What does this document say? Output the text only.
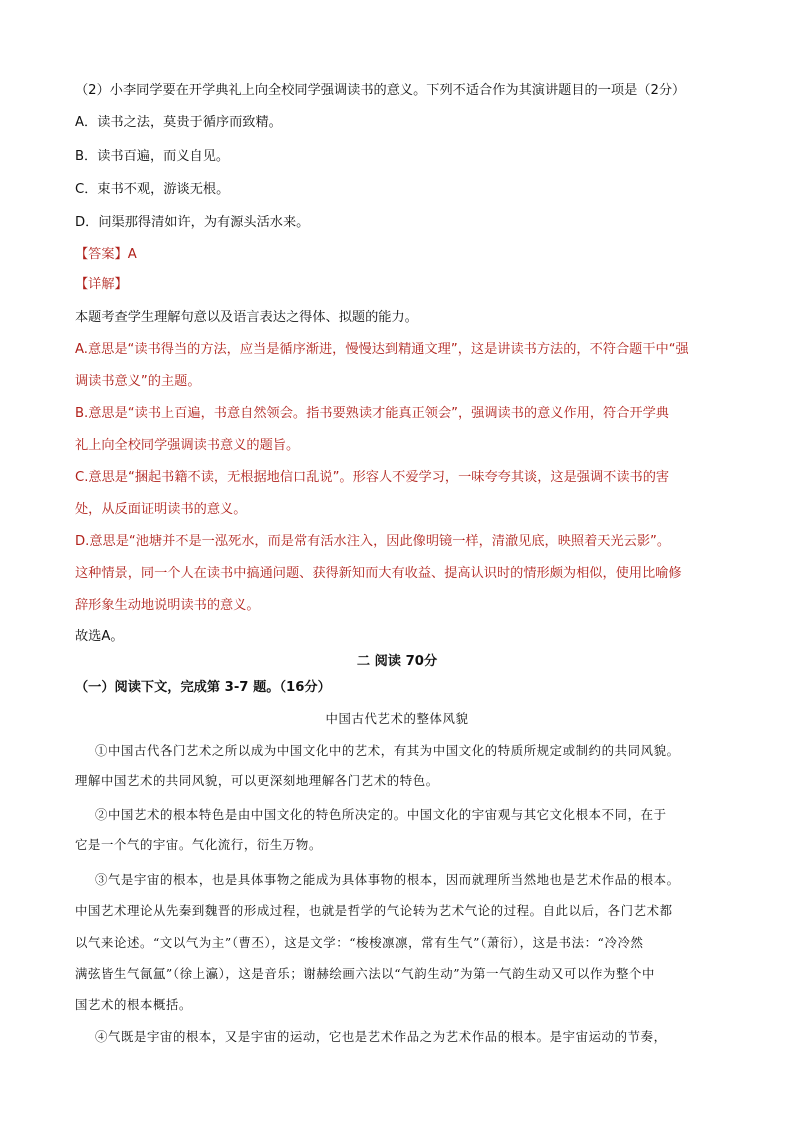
（2）小李同学要在开学典礼上向全校同学强调读书的意义。下列不适合作为其演讲题目的一项是（2分）
A．读书之法，莫贵于循序而致精。
B．读书百遍，而义自见。
C．束书不观，游谈无根。
D．问渠那得清如许，为有源头活水来。
【答案】A
【详解】
本题考查学生理解句意以及语言表达之得体、拟题的能力。
A.意思是“读书得当的方法，应当是循序渐进，慢慢达到精通文理”，这是讲读书方法的，不符合题干中“强
调读书意义”的主题。
B.意思是“读书上百遍，书意自然领会。指书要熟读才能真正领会”，强调读书的意义作用，符合开学典
礼上向全校同学强调读书意义的题旨。
C.意思是“捆起书籍不读，无根据地信口乱说”。形容人不爱学习，一味夸夸其谈，这是强调不读书的害
处，从反面证明读书的意义。
D.意思是“池塘并不是一泓死水，而是常有活水注入，因此像明镜一样，清澈见底，映照着天光云影”。
这种情景，同一个人在读书中搞通问题、获得新知而大有收益、提高认识时的情形颇为相似，使用比喻修
辞形象生动地说明读书的意义。
故选A。
二 阅读 70分
（一）阅读下文，完成第 3-7 题。（16分）
中国古代艺术的整体风貌
①中国古代各门艺术之所以成为中国文化中的艺术，有其为中国文化的特质所规定或制约的共同风貌。
理解中国艺术的共同风貌，可以更深刻地理解各门艺术的特色。
②中国艺术的根本特色是由中国文化的特色所决定的。中国文化的宇宙观与其它文化根本不同，在于
它是一个气的宇宙。气化流行，衍生万物。
③气是宇宙的根本，也是具体事物之能成为具体事物的根本，因而就理所当然地也是艺术作品的根本。
中国艺术理论从先秦到魏晋的形成过程，也就是哲学的气论转为艺术气论的过程。自此以后，各门艺术都
以气来论述。“文以气为主”（曹丕），这是文学：“梭梭凛凛，常有生气”（萧衍），这是书法：“冷冷然
满弦皆生气氤氲”（徐上瀛），这是音乐；谢赫绘画六法以“气韵生动”为第一气韵生动又可以作为整个中
国艺术的根本概括。
④气既是宇宙的根本，又是宇宙的运动，它也是艺术作品之为艺术作品的根本。是宇宙运动的节奏，
